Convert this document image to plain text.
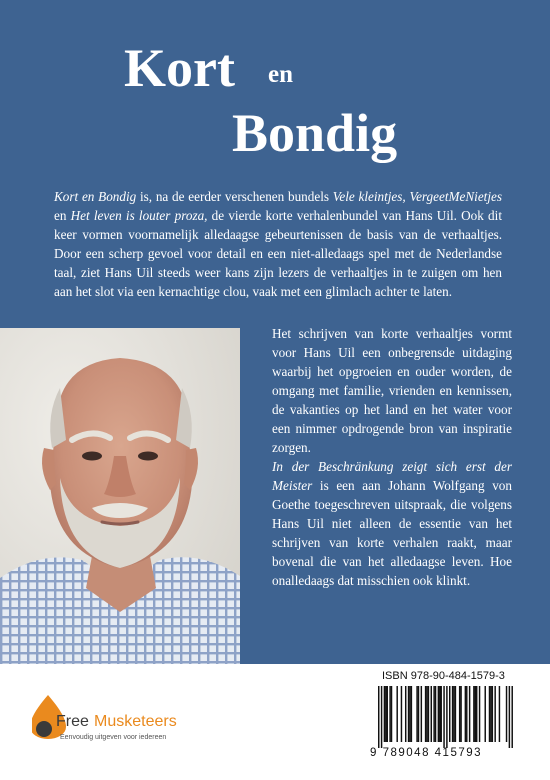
Kort en
Bondig
Kort en Bondig is, na de eerder verschenen bundels Vele kleintjes, VergeetMeNietjes en Het leven is louter proza, de vierde korte verhalenbundel van Hans Uil. Ook dit keer vormen voornamelijk alledaagse gebeurtenissen de basis van de verhaaltjes. Door een scherp gevoel voor detail en een niet-alledaags spel met de Nederlandse taal, ziet Hans Uil steeds weer kans zijn lezers de verhaaltjes in te zuigen om hen aan het slot via een kernachtige clou, vaak met een glimlach achter te laten.

Het schrijven van korte verhaaltjes vormt voor Hans Uil een onbegrensde uitdaging waarbij het opgroeien en ouder worden, de omgang met familie, vrienden en kennissen, de vakanties op het land en het water voor een nimmer opdrogende bron van inspiratie zorgen.

In der Beschränkung zeigt sich erst der Meister is een aan Johann Wolfgang von Goethe toegeschreven uitspraak, die volgens Hans Uil niet alleen de essentie van het schrijven van korte verhalen raakt, maar bovenal die van het alledaagse leven. Hoe onalledaags dat misschien ook klinkt.

Free Musketeers
Eenvoudig uitgeven voor iedereen
ISBN 978-90-484-1579-3
9 789048 415793
